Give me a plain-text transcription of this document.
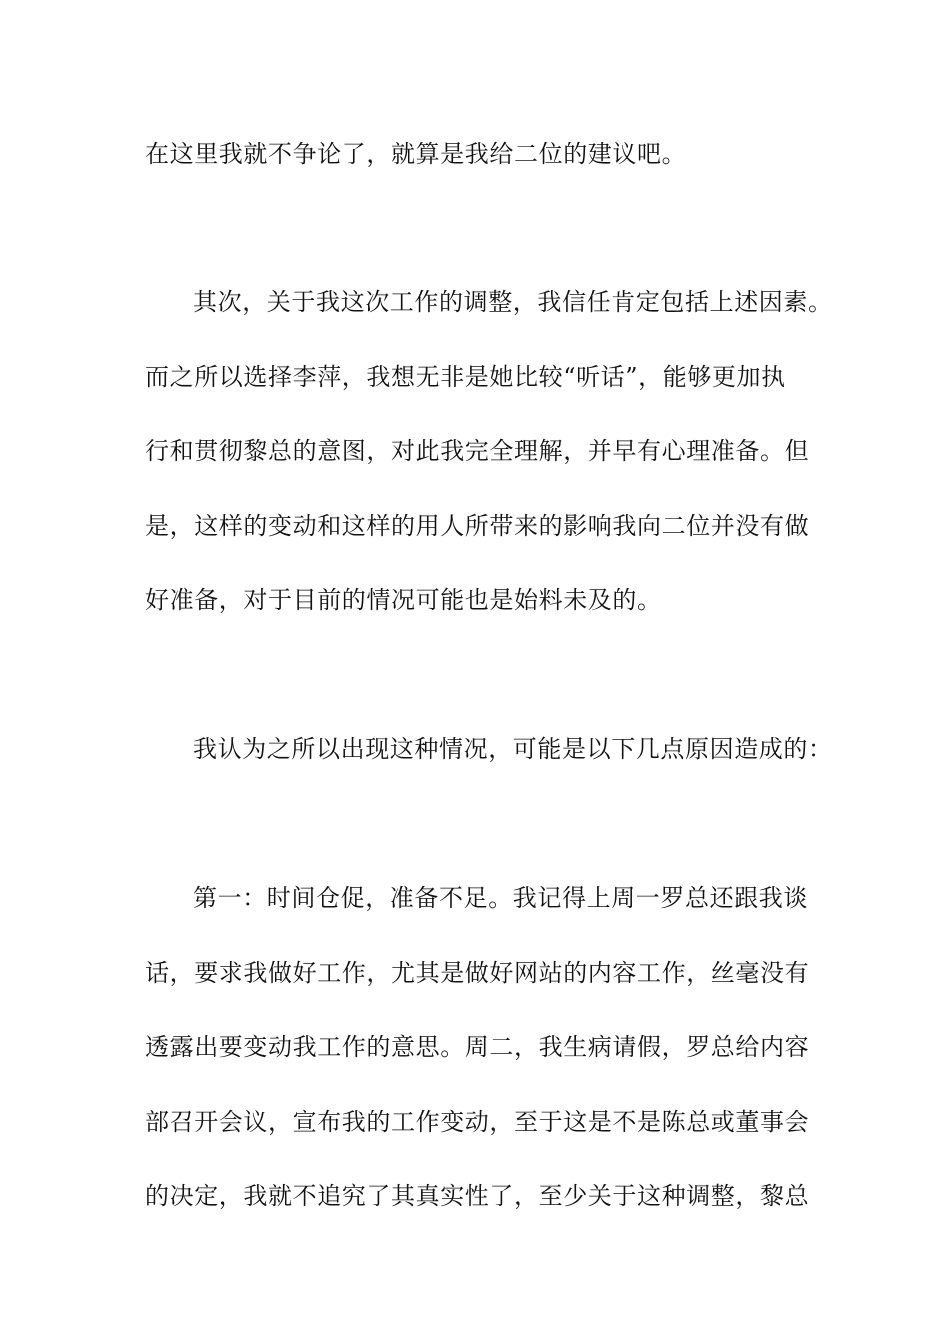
在这里我就不争论了，就算是我给二位的建议吧。

其次，关于我这次工作的调整，我信任肯定包括上述因素。

而之所以选择李萍，我想无非是她比较“听话”，能够更加执

行和贯彻黎总的意图，对此我完全理解，并早有心理准备。但

是，这样的变动和这样的用人所带来的影响我向二位并没有做

好准备，对于目前的情况可能也是始料未及的。

我认为之所以出现这种情况，可能是以下几点原因造成的：

第一：时间仓促，准备不足。我记得上周一罗总还跟我谈

话，要求我做好工作，尤其是做好网站的内容工作，丝毫没有

透露出要变动我工作的意思。周二，我生病请假，罗总给内容

部召开会议，宣布我的工作变动，至于这是不是陈总或董事会

的决定，我就不追究了其真实性了，至少关于这种调整，黎总
